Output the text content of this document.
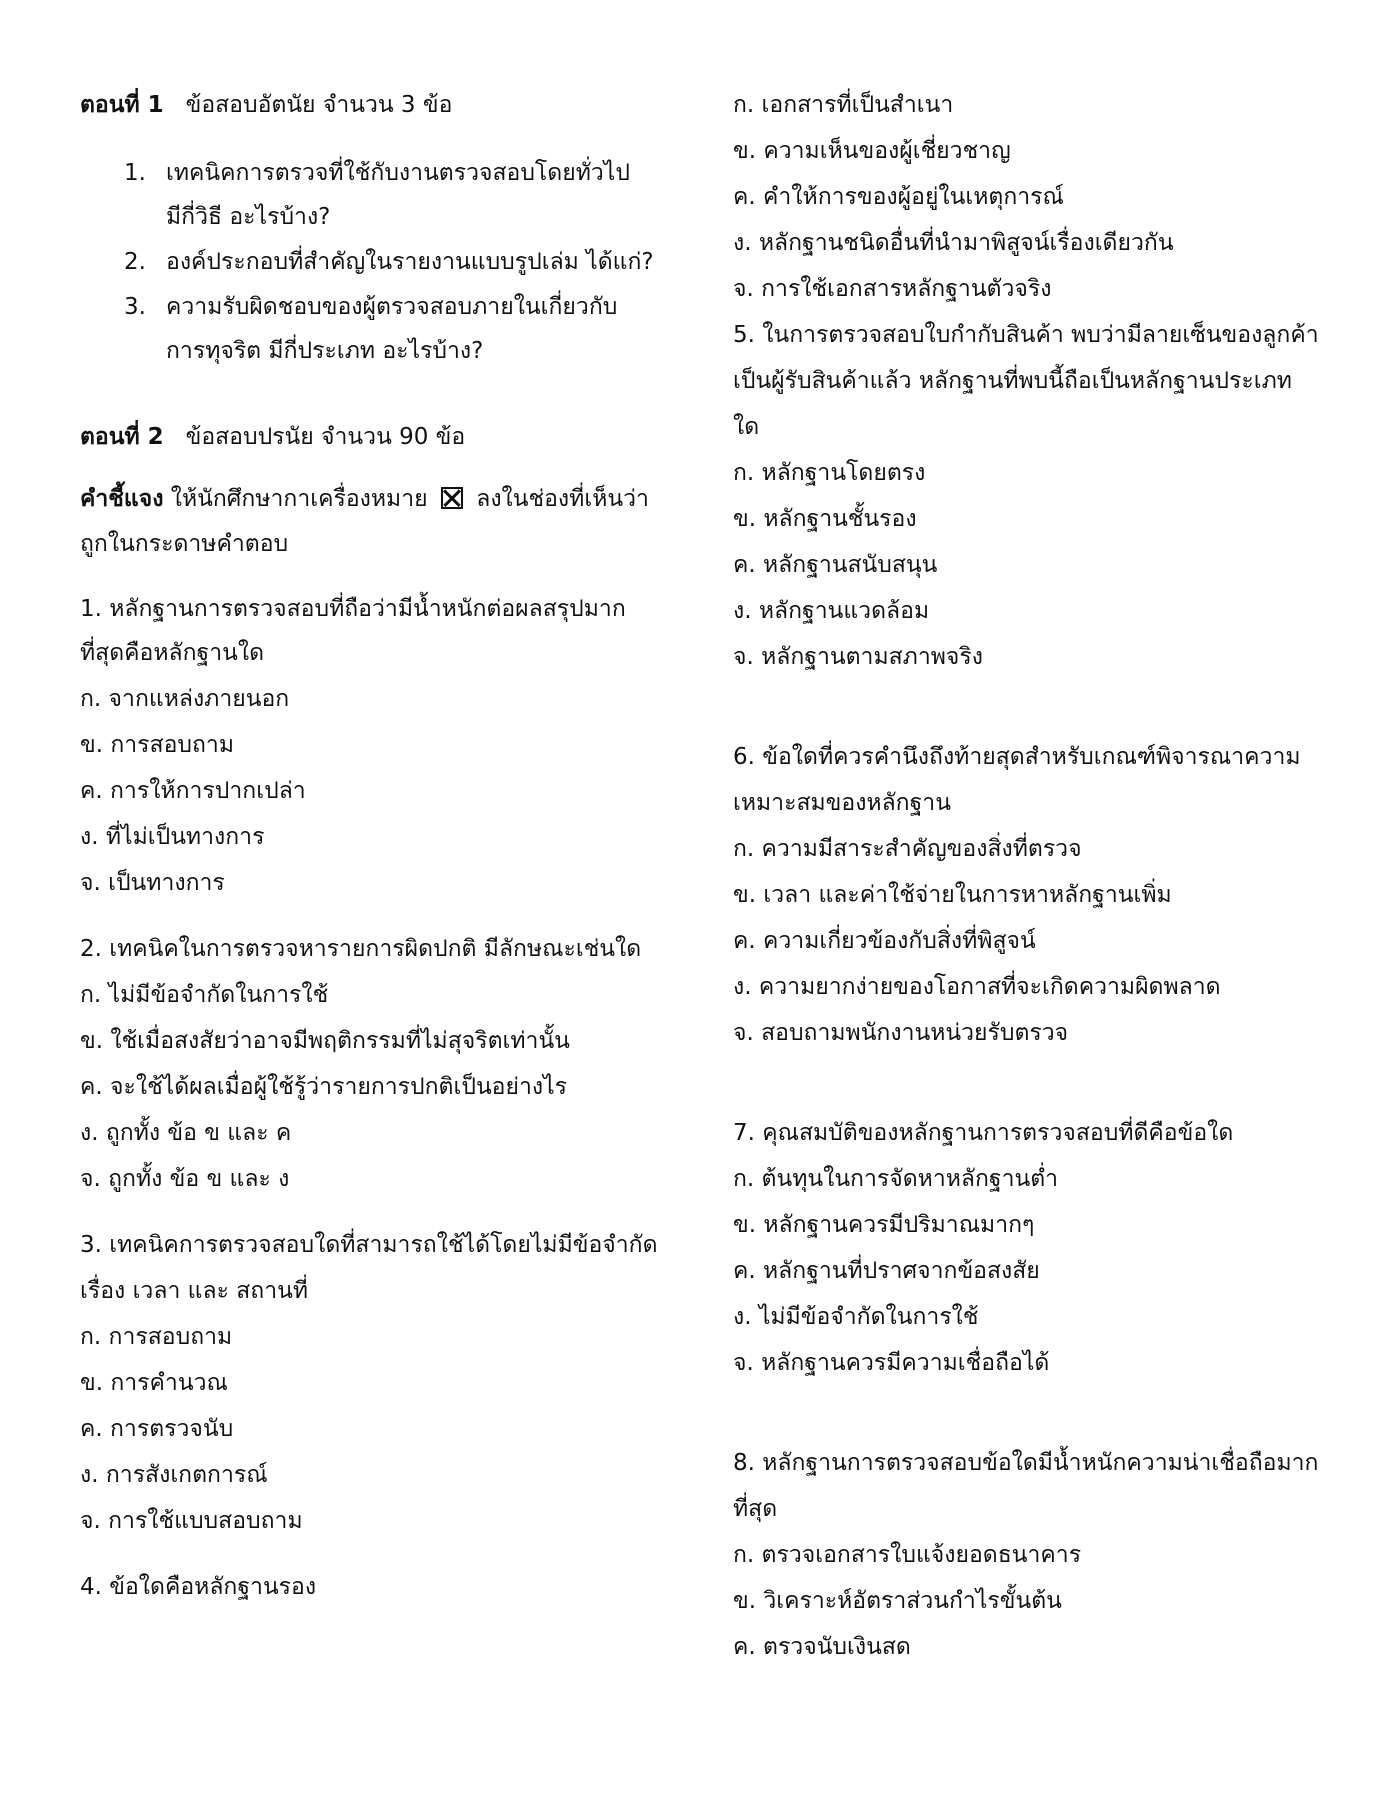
ตอนที่ 1 ข้อสอบอัตนัย จำนวน 3 ข้อ
1. เทคนิคการตรวจที่ใช้กับงานตรวจสอบโดยทั่วไป
มีกี่วิธี อะไรบ้าง?
2. องค์ประกอบที่สำคัญในรายงานแบบรูปเล่ม ได้แก่?
3. ความรับผิดชอบของผู้ตรวจสอบภายในเกี่ยวกับ
การทุจริต มีกี่ประเภท อะไรบ้าง?
ตอนที่ 2 ข้อสอบปรนัย จำนวน 90 ข้อ
คำชี้แจง ให้นักศึกษากาเครื่องหมาย ลงในช่องที่เห็นว่า
ถูกในกระดาษคำตอบ
1. หลักฐานการตรวจสอบที่ถือว่ามีน้ำหนักต่อผลสรุปมาก
ที่สุดคือหลักฐานใด
ก. จากแหล่งภายนอก
ข. การสอบถาม
ค. การให้การปากเปล่า
ง. ที่ไม่เป็นทางการ
จ. เป็นทางการ
2. เทคนิคในการตรวจหารายการผิดปกติ มีลักษณะเช่นใด
ก. ไม่มีข้อจำกัดในการใช้
ข. ใช้เมื่อสงสัยว่าอาจมีพฤติกรรมที่ไม่สุจริตเท่านั้น
ค. จะใช้ได้ผลเมื่อผู้ใช้รู้ว่ารายการปกติเป็นอย่างไร
ง. ถูกทั้ง ข้อ ข และ ค
จ. ถูกทั้ง ข้อ ข และ ง
3. เทคนิคการตรวจสอบใดที่สามารถใช้ได้โดยไม่มีข้อจำกัด
เรื่อง เวลา และ สถานที่
ก. การสอบถาม
ข. การคำนวณ
ค. การตรวจนับ
ง. การสังเกตการณ์
จ. การใช้แบบสอบถาม
4. ข้อใดคือหลักฐานรอง
ก. เอกสารที่เป็นสำเนา
ข. ความเห็นของผู้เชี่ยวชาญ
ค. คำให้การของผู้อยู่ในเหตุการณ์
ง. หลักฐานชนิดอื่นที่นำมาพิสูจน์เรื่องเดียวกัน
จ. การใช้เอกสารหลักฐานตัวจริง
5. ในการตรวจสอบใบกำกับสินค้า พบว่ามีลายเซ็นของลูกค้า
เป็นผู้รับสินค้าแล้ว หลักฐานที่พบนี้ถือเป็นหลักฐานประเภท
ใด
ก. หลักฐานโดยตรง
ข. หลักฐานชั้นรอง
ค. หลักฐานสนับสนุน
ง. หลักฐานแวดล้อม
จ. หลักฐานตามสภาพจริง
6. ข้อใดที่ควรคำนึงถึงท้ายสุดสำหรับเกณฑ์พิจารณาความ
เหมาะสมของหลักฐาน
ก. ความมีสาระสำคัญของสิ่งที่ตรวจ
ข. เวลา และค่าใช้จ่ายในการหาหลักฐานเพิ่ม
ค. ความเกี่ยวข้องกับสิ่งที่พิสูจน์
ง. ความยากง่ายของโอกาสที่จะเกิดความผิดพลาด
จ. สอบถามพนักงานหน่วยรับตรวจ
7. คุณสมบัติของหลักฐานการตรวจสอบที่ดีคือข้อใด
ก. ต้นทุนในการจัดหาหลักฐานต่ำ
ข. หลักฐานควรมีปริมาณมากๆ
ค. หลักฐานที่ปราศจากข้อสงสัย
ง. ไม่มีข้อจำกัดในการใช้
จ. หลักฐานควรมีความเชื่อถือได้
8. หลักฐานการตรวจสอบข้อใดมีน้ำหนักความน่าเชื่อถือมาก
ที่สุด
ก. ตรวจเอกสารใบแจ้งยอดธนาคาร
ข. วิเคราะห์อัตราส่วนกำไรขั้นต้น
ค. ตรวจนับเงินสด
